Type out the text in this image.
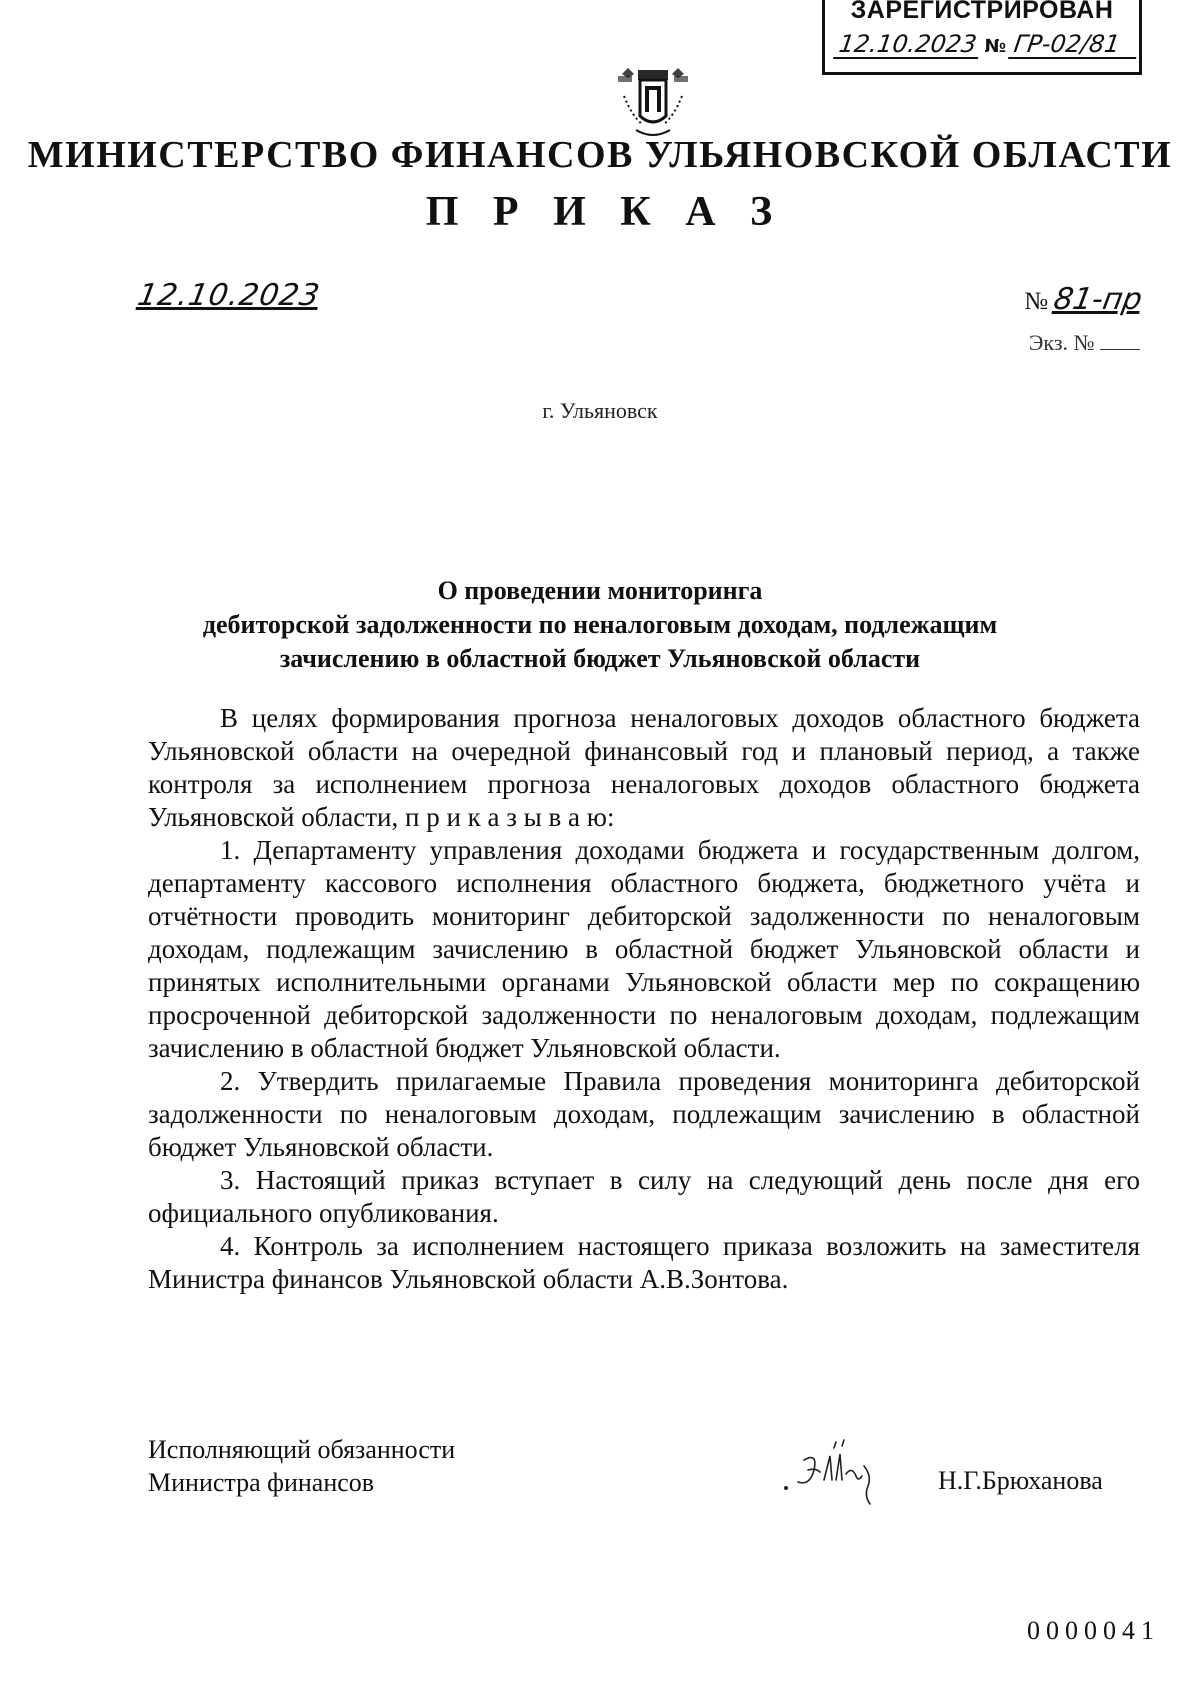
ЗАРЕГИСТРИРОВАН
12.10.2023 № ГР-02/81
МИНИСТЕРСТВО ФИНАНСОВ УЛЬЯНОВСКОЙ ОБЛАСТИ
П Р И К А З
12.10.2023	№ 81-пр
Экз. №
г. Ульяновск
О проведении мониторинга
дебиторской задолженности по неналоговым доходам, подлежащим
зачислению в областной бюджет Ульяновской области

В целях формирования прогноза неналоговых доходов областного бюджета Ульяновской области на очередной финансовый год и плановый период, а также контроля за исполнением прогноза неналоговых доходов областного бюджета Ульяновской области, п р и к а з ы в а ю:

1. Департаменту управления доходами бюджета и государственным долгом, департаменту кассового исполнения областного бюджета, бюджетного учёта и отчётности проводить мониторинг дебиторской задолженности по неналоговым доходам, подлежащим зачислению в областной бюджет Ульяновской области и принятых исполнительными органами Ульяновской области мер по сокращению просроченной дебиторской задолженности по неналоговым доходам, подлежащим зачислению в областной бюджет Ульяновской области.

2. Утвердить прилагаемые Правила проведения мониторинга дебиторской задолженности по неналоговым доходам, подлежащим зачислению в областной бюджет Ульяновской области.

3. Настоящий приказ вступает в силу на следующий день после дня его официального опубликования.

4. Контроль за исполнением настоящего приказа возложить на заместителя Министра финансов Ульяновской области А.В.Зонтова.

Исполняющий обязанности
Министра финансов	Н.Г.Брюханова
0000041
